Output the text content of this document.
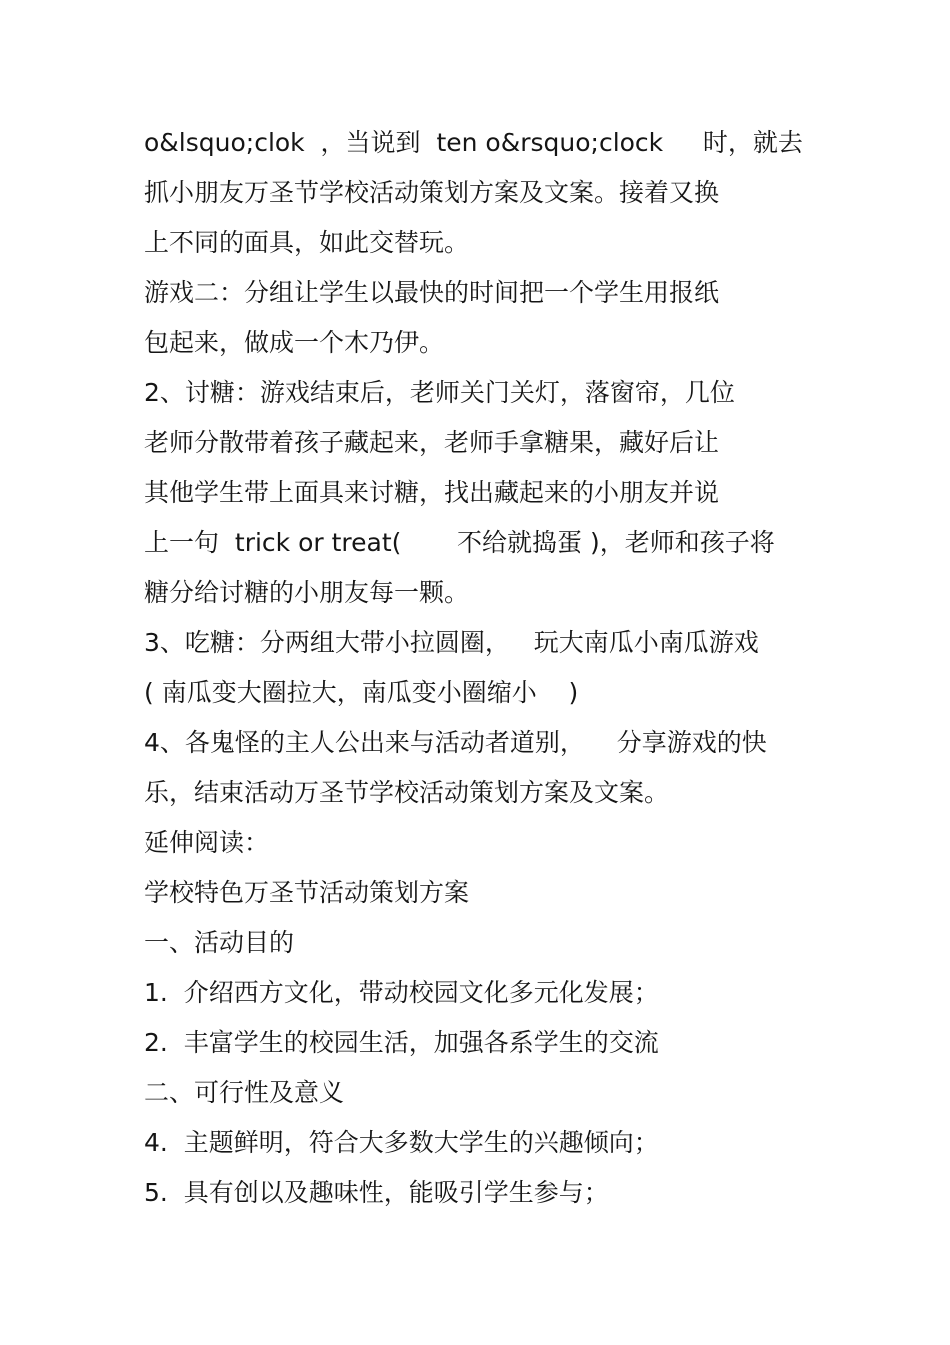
o&lsquo;clok  ，当说到  ten o&rsquo;clock     时，就去
抓小朋友万圣节学校活动策划方案及文案。接着又换
上不同的面具，如此交替玩。
游戏二：分组让学生以最快的时间把一个学生用报纸
包起来，做成一个木乃伊。
2、讨糖：游戏结束后，老师关门关灯，落窗帘，几位
老师分散带着孩子藏起来，老师手拿糖果，藏好后让
其他学生带上面具来讨糖，找出藏起来的小朋友并说
上一句  trick or treat(       不给就捣蛋 )，老师和孩子将
糖分给讨糖的小朋友每一颗。
3、吃糖：分两组大带小拉圆圈，   玩大南瓜小南瓜游戏
( 南瓜变大圈拉大，南瓜变小圈缩小    )
4、各鬼怪的主人公出来与活动者道别，    分享游戏的快
乐，结束活动万圣节学校活动策划方案及文案。
延伸阅读：
学校特色万圣节活动策划方案
一、活动目的
1.  介绍西方文化，带动校园文化多元化发展；
2.  丰富学生的校园生活，加强各系学生的交流
二、可行性及意义
4.  主题鲜明，符合大多数大学生的兴趣倾向；
5.  具有创以及趣味性，能吸引学生参与；
